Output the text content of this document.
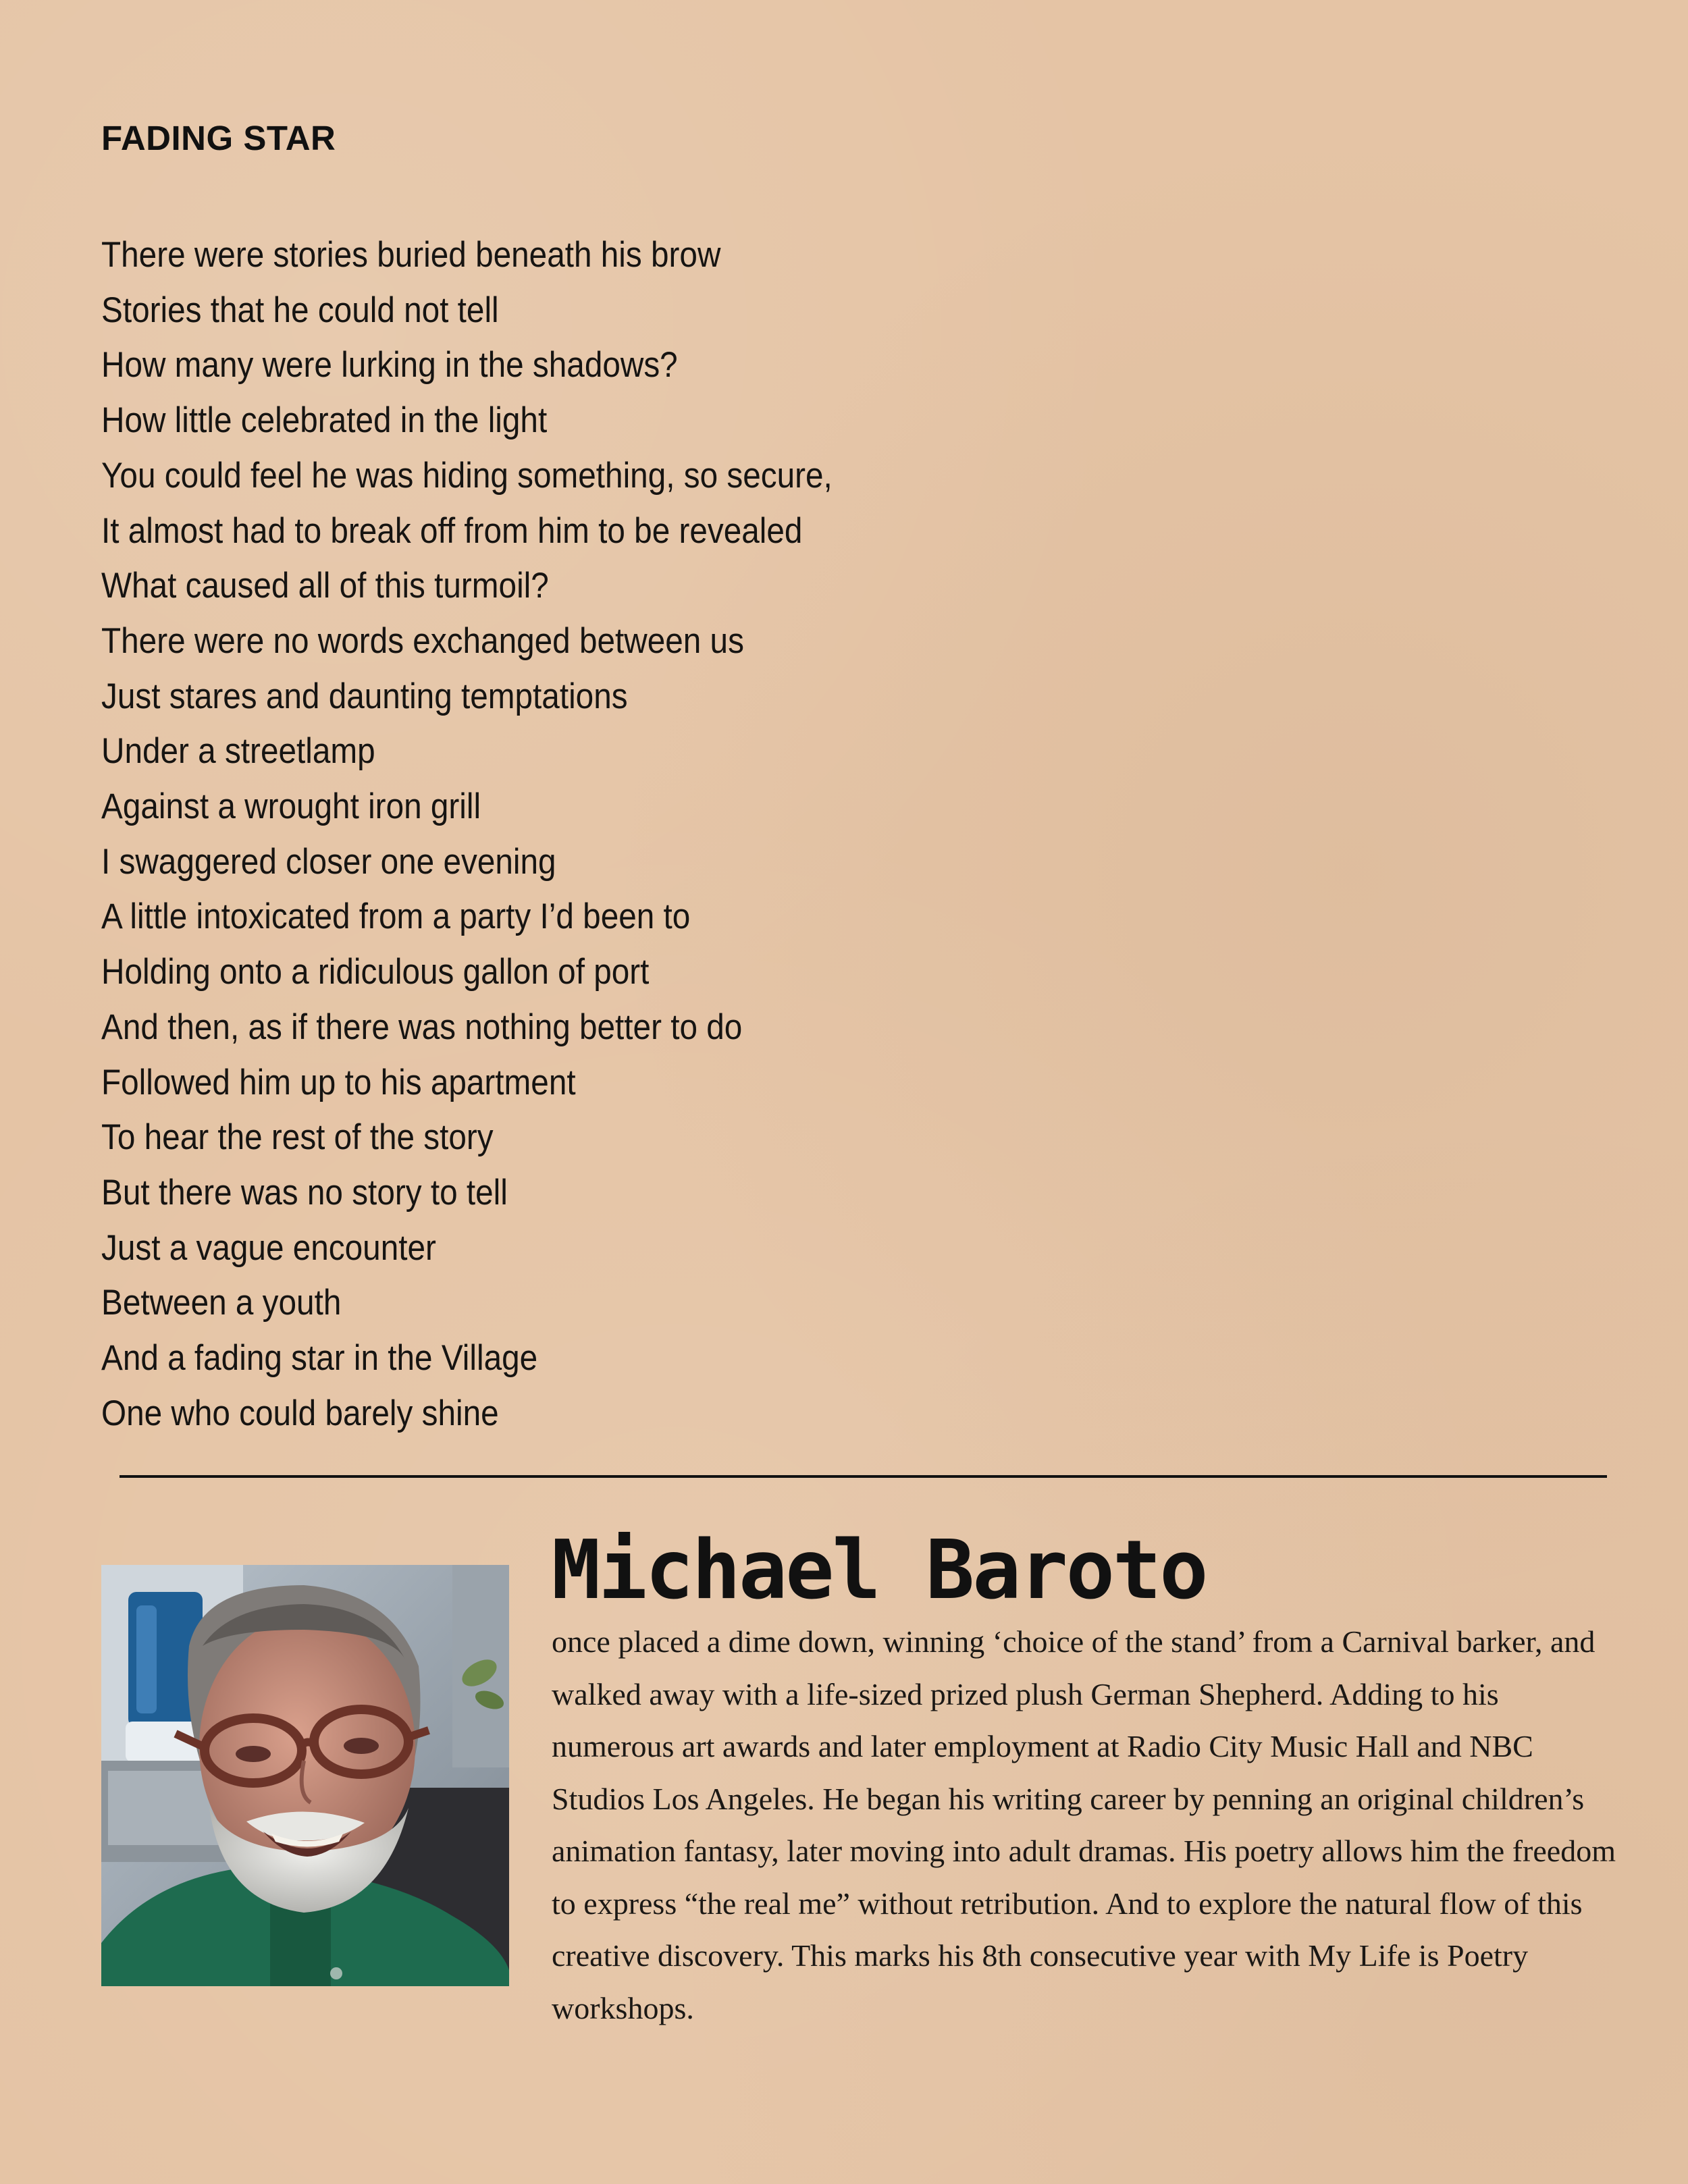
FADING STAR
There were stories buried beneath his brow
Stories that he could not tell
How many were lurking in the shadows?
How little celebrated in the light
You could feel he was hiding something, so secure,
It almost had to break off from him to be revealed
What caused all of this turmoil?
There were no words exchanged between us
Just stares and daunting temptations
Under a streetlamp
Against a wrought iron grill
I swaggered closer one evening
A little intoxicated from a party I’d been to
Holding onto a ridiculous gallon of port
And then, as if there was nothing better to do
Followed him up to his apartment
To hear the rest of the story
But there was no story to tell
Just a vague encounter
Between a youth
And a fading star in the Village
One who could barely shine
Michael Baroto

once placed a dime down, winning ‘choice of the stand’ from a Carnival barker, and walked away with a life-sized prized plush German Shepherd. Adding to his numerous art awards and later employment at Radio City Music Hall and NBC Studios Los Angeles. He began his writing career by penning an original children’s animation fantasy, later moving into adult dramas. His poetry allows him the freedom to express “the real me” without retribution. And to explore the natural flow of this creative discovery. This marks his 8th consecutive year with My Life is Poetry workshops.
